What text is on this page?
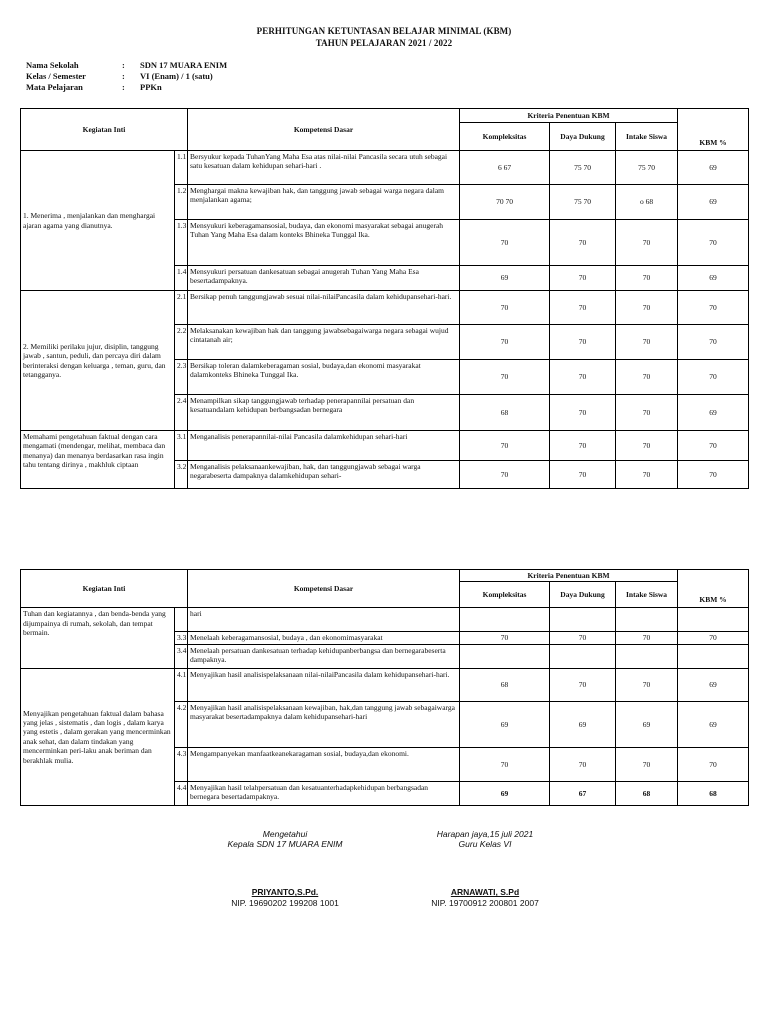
PERHITUNGAN KETUNTASAN BELAJAR MINIMAL (KBM)
TAHUN PELAJARAN 2021 / 2022
Nama Sekolah	:	SDN 17 MUARA ENIM
Kelas / Semester	:	VI (Enam) / 1 (satu)
Mata Pelajaran	:	PPKn
Kegiatan Inti		Kompetensi Dasar	Kriteria Penentuan KBM			KBM %
			Kompleksitas	Daya Dukung	Intake Siswa	
1. Menerima , menjalankan dan menghargai ajaran agama yang dianutnya.	1.1	Bersyukur kepada TuhanYang Maha Esa atas nilai-nilai Pancasila secara utuh sebagai satu kesatuan dalam kehidupan sehari-hari .	6 67	75 70	75 70	69
	1.2	Menghargai makna kewajiban hak, dan tanggung jawab sebagai warga negara dalam menjalankan agama;	70 70	75 70	o 68	69
	1.3	Mensyukuri keberagamansosial, budaya, dan ekonomi masyarakat sebagai anugerah Tuhan Yang Maha Esa dalam konteks Bhineka Tunggal Ika.	70	70	70	70
	1.4	Mensyukuri persatuan dankesatuan sebagai anugerah Tuhan Yang Maha Esa besertadampaknya.	69	70	70	69
2. Memiliki perilaku jujur, disiplin, tanggung jawab , santun, peduli, dan percaya diri dalam berinteraksi dengan keluarga , teman, guru, dan tetangganya.	2.1	Bersikap penuh tanggungjawab sesuai nilai-nilaiPancasila dalam kehidupansehari-hari.	70	70	70	70
	2.2	Melaksanakan kewajiban hak dan tanggung jawabsebagaiwarga negara sebagai wujud cintatanah air;	70	70	70	70
	2.3	Bersikap toleran dalamkeberagaman sosial, budaya,dan ekonomi masyarakat dalamkonteks Bhineka Tunggal Ika.	70	70	70	70
	2.4	Menampilkan sikap tanggungjawab terhadap penerapannilai persatuan dan kesatuandalam kehidupan berbangsadan bernegara	68	70	70	69
Memahami pengetahuan faktual dengan cara mengamati (mendengar, melihat, membaca dan menanya) dan menanya berdasarkan rasa ingin tahu tentang dirinya , makhluk ciptaan	3.1	Menganalisis penerapannilai-nilai Pancasila dalamkehidupan sehari-hari	70	70	70	70
	3.2	Menganalisis pelaksanaankewajiban, hak, dan tanggungjawab sebagai warga negarabeserta dampaknya dalamkehidupan sehari-	70	70	70	70
Kegiatan Inti		Kompetensi Dasar	Kriteria Penentuan KBM			KBM %
			Kompleksitas	Daya Dukung	Intake Siswa	
Tuhan dan kegiatannya , dan benda-benda yang dijumpainya di rumah, sekolah, dan tempat bermain.		hari				
	3.3	Menelaah keberagamansosial, budaya , dan ekonomimasyarakat	70	70	70	70
	3.4	Menelaah persatuan dankesatuan terhadap kehidupanberbangsa dan bernegarabeserta dampaknya.				
Menyajikan pengetahuan faktual dalam bahasa yang jelas , sistematis , dan logis , dalam karya yang estetis , dalam gerakan yang mencerminkan anak sehat, dan dalam tindakan yang mencerminkan peri-laku anak beriman dan berakhlak mulia.	4.1	Menyajikan hasil analisispelaksanaan nilai-nilaiPancasila dalam kehidupansehari-hari.	68	70	70	69
	4.2	Menyajikan hasil analisispelaksanaan kewajiban, hak,dan tanggung jawab sebagaiwarga masyarakat besertadampaknya dalam kehidupansehari-hari	69	69	69	69
	4.3	Mengampanyekan manfaatkeanekaragaman sosial, budaya,dan ekonomi.	70	70	70	70
	4.4	Menyajikan hasil telahpersatuan dan kesatuanterhadapkehidupan berbangsadan bernegara besertadampaknya.	69	67	68	68
Mengetahui
Kepala SDN 17 MUARA ENIM
PRIYANTO,S.Pd.
NIP. 19690202 199208 1001
Harapan jaya,15 juli 2021
Guru Kelas VI
ARNAWATI, S.Pd
NIP. 19700912 200801 2007
